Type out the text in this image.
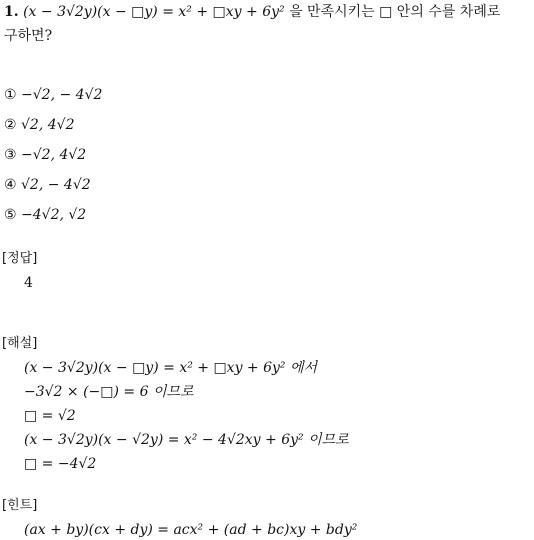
1. (x − 3√2y)(x − □y) = x² + □xy + 6y² 을 만족시키는 □ 안의 수를 차례로
구하면?
① −√2, − 4√2
② √2, 4√2
③ −√2, 4√2
④ √2, − 4√2
⑤ −4√2, √2
[정답]
4
[해설]
(x − 3√2y)(x − □y) = x² + □xy + 6y² 에서
−3√2 × (−□) = 6 이므로
□ = √2
(x − 3√2y)(x − √2y) = x² − 4√2xy + 6y² 이므로
□ = −4√2
[힌트]
(ax + by)(cx + dy) = acx² + (ad + bc)xy + bdy²
